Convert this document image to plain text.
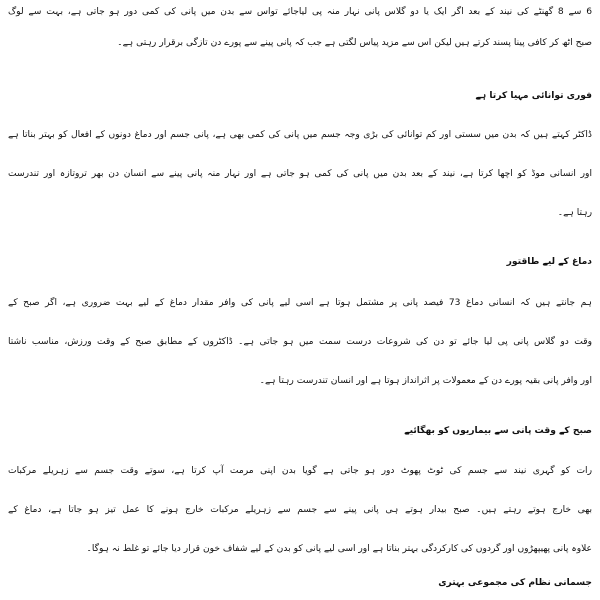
6 سے 8 گھنٹے کی نیند کے بعد اگر ایک یا دو گلاس پانی نہار منہ پی لیاجائے تواس سے بدن میں پانی کی کمی دور ہو جاتی ہے، بہت سے لوگ
صبح اٹھ کر کافی پینا پسند کرتے ہیں لیکن اس سے مزید پیاس لگتی ہے جب کہ پانی پینے سے پورے دن تازگی برقرار رہتی ہے۔
فوری توانائی مہیا کرتا ہے
ڈاکٹر کہتے ہیں کہ بدن میں سستی اور کم توانائی کی بڑی وجہ جسم میں پانی کی کمی بھی ہے، پانی جسم اور دماغ دونوں کے افعال کو بہتر بناتا ہے
اور انسانی موڈ کو اچھا کرتا ہے، نیند کے بعد بدن میں پانی کی کمی ہو جاتی ہے اور نہار منہ پانی پینے سے انسان دن بھر تروتازہ اور تندرست
رہتا ہے۔
دماغ کے لیے طاقتور
ہم جانتے ہیں کہ انسانی دماغ 73 فیصد پانی پر مشتمل ہوتا ہے اسی لیے پانی کی وافر مقدار دماغ کے لیے بہت ضروری ہے، اگر صبح کے
وقت دو گلاس پانی پی لیا جائے تو دن کی شروعات درست سمت میں ہو جاتی ہے۔ ڈاکٹروں کے مطابق صبح کے وقت ورزش، مناسب ناشتا
اور وافر پانی بقیہ پورے دن کے معمولات پر اثرانداز ہوتا ہے اور انسان تندرست رہتا ہے۔
صبح کے وقت پانی سے بیماریوں کو بھگائیے
رات کو گہری نیند سے جسم کی ٹوٹ پھوٹ دور ہو جاتی ہے گویا بدن اپنی مرمت آپ کرتا ہے، سوتے وقت جسم سے زہریلے مرکبات
بھی خارج ہوتے رہتے ہیں۔ صبح بیدار ہوتے ہی پانی پینے سے جسم سے زہریلے مرکبات خارج ہونے کا عمل تیز ہو جاتا ہے، دماغ کے
علاوہ پانی پھیپھڑوں اور گردوں کی کارکردگی بہتر بناتا ہے اور اسی لیے پانی کو بدن کے لیے شفاف خون قرار دیا جائے تو غلط نہ ہوگا۔
جسمانی نظام کی مجموعی بہتری
